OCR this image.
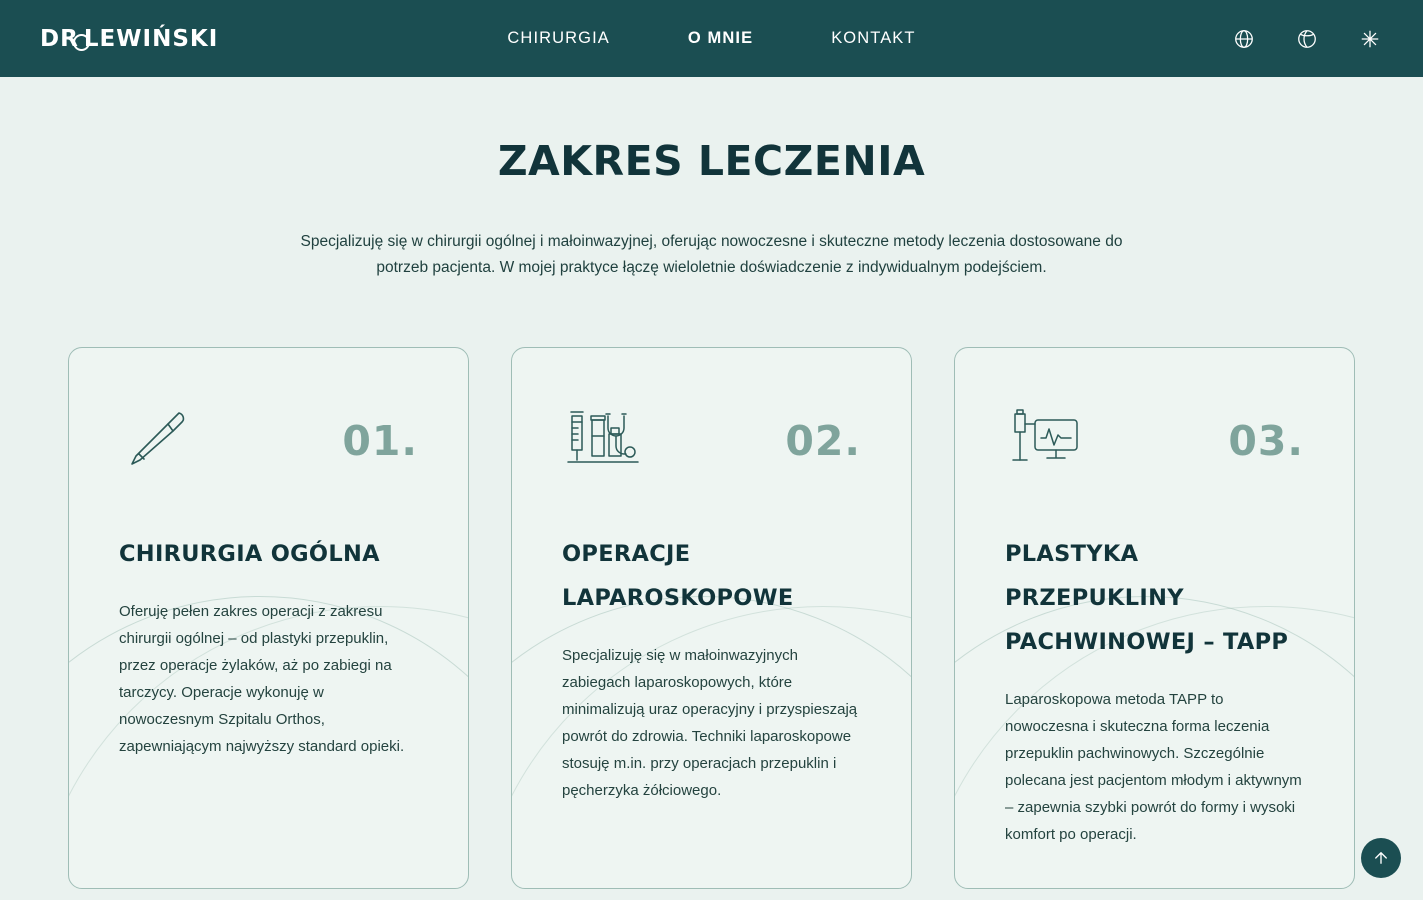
DR LEWIŃSKI	CHIRURGIA	O MNIE	KONTAKT
ZAKRES LECZENIA

Specjalizuję się w chirurgii ogólnej i małoinwazyjnej, oferując nowoczesne i skuteczne metody leczenia dostosowane do potrzeb pacjenta. W mojej praktyce łączę wieloletnie doświadczenie z indywidualnym podejściem.

01.
CHIRURGIA OGÓLNA

Oferuję pełen zakres operacji z zakresu chirurgii ogólnej – od plastyki przepuklin, przez operacje żylaków, aż po zabiegi na tarczycy. Operacje wykonuję w nowoczesnym Szpitalu Orthos, zapewniającym najwyższy standard opieki.

02.
OPERACJE LAPAROSKOPOWE

Specjalizuję się w małoinwazyjnych zabiegach laparoskopowych, które minimalizują uraz operacyjny i przyspieszają powrót do zdrowia. Techniki laparoskopowe stosuję m.in. przy operacjach przepuklin i pęcherzyka żółciowego.

03.
PLASTYKA PRZEPUKLINY PACHWINOWEJ – TAPP

Laparoskopowa metoda TAPP to nowoczesna i skuteczna forma leczenia przepuklin pachwinowych. Szczególnie polecana jest pacjentom młodym i aktywnym – zapewnia szybki powrót do formy i wysoki komfort po operacji.
